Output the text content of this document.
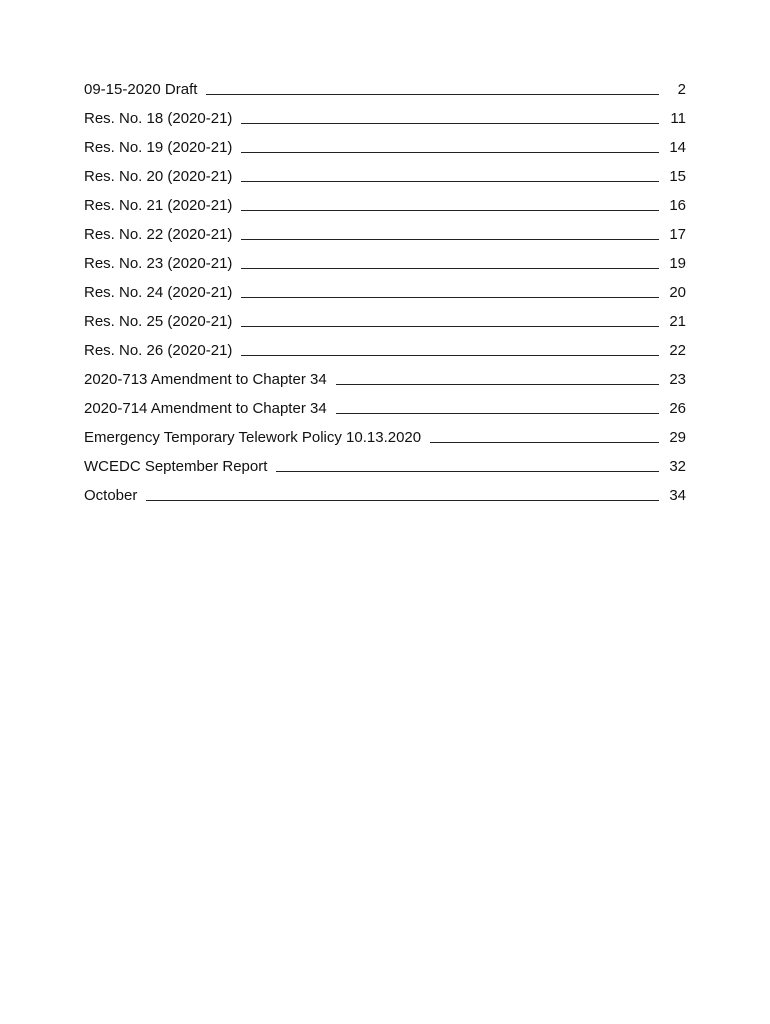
09-15-2020 Draft	2
Res. No. 18 (2020-21)	11
Res. No. 19 (2020-21)	14
Res. No. 20 (2020-21)	15
Res. No. 21 (2020-21)	16
Res. No. 22 (2020-21)	17
Res. No. 23 (2020-21)	19
Res. No. 24 (2020-21)	20
Res. No. 25 (2020-21)	21
Res. No. 26 (2020-21)	22
2020-713 Amendment to Chapter 34	23
2020-714 Amendment to Chapter 34	26
Emergency Temporary Telework Policy 10.13.2020	29
WCEDC September Report	32
October	34
